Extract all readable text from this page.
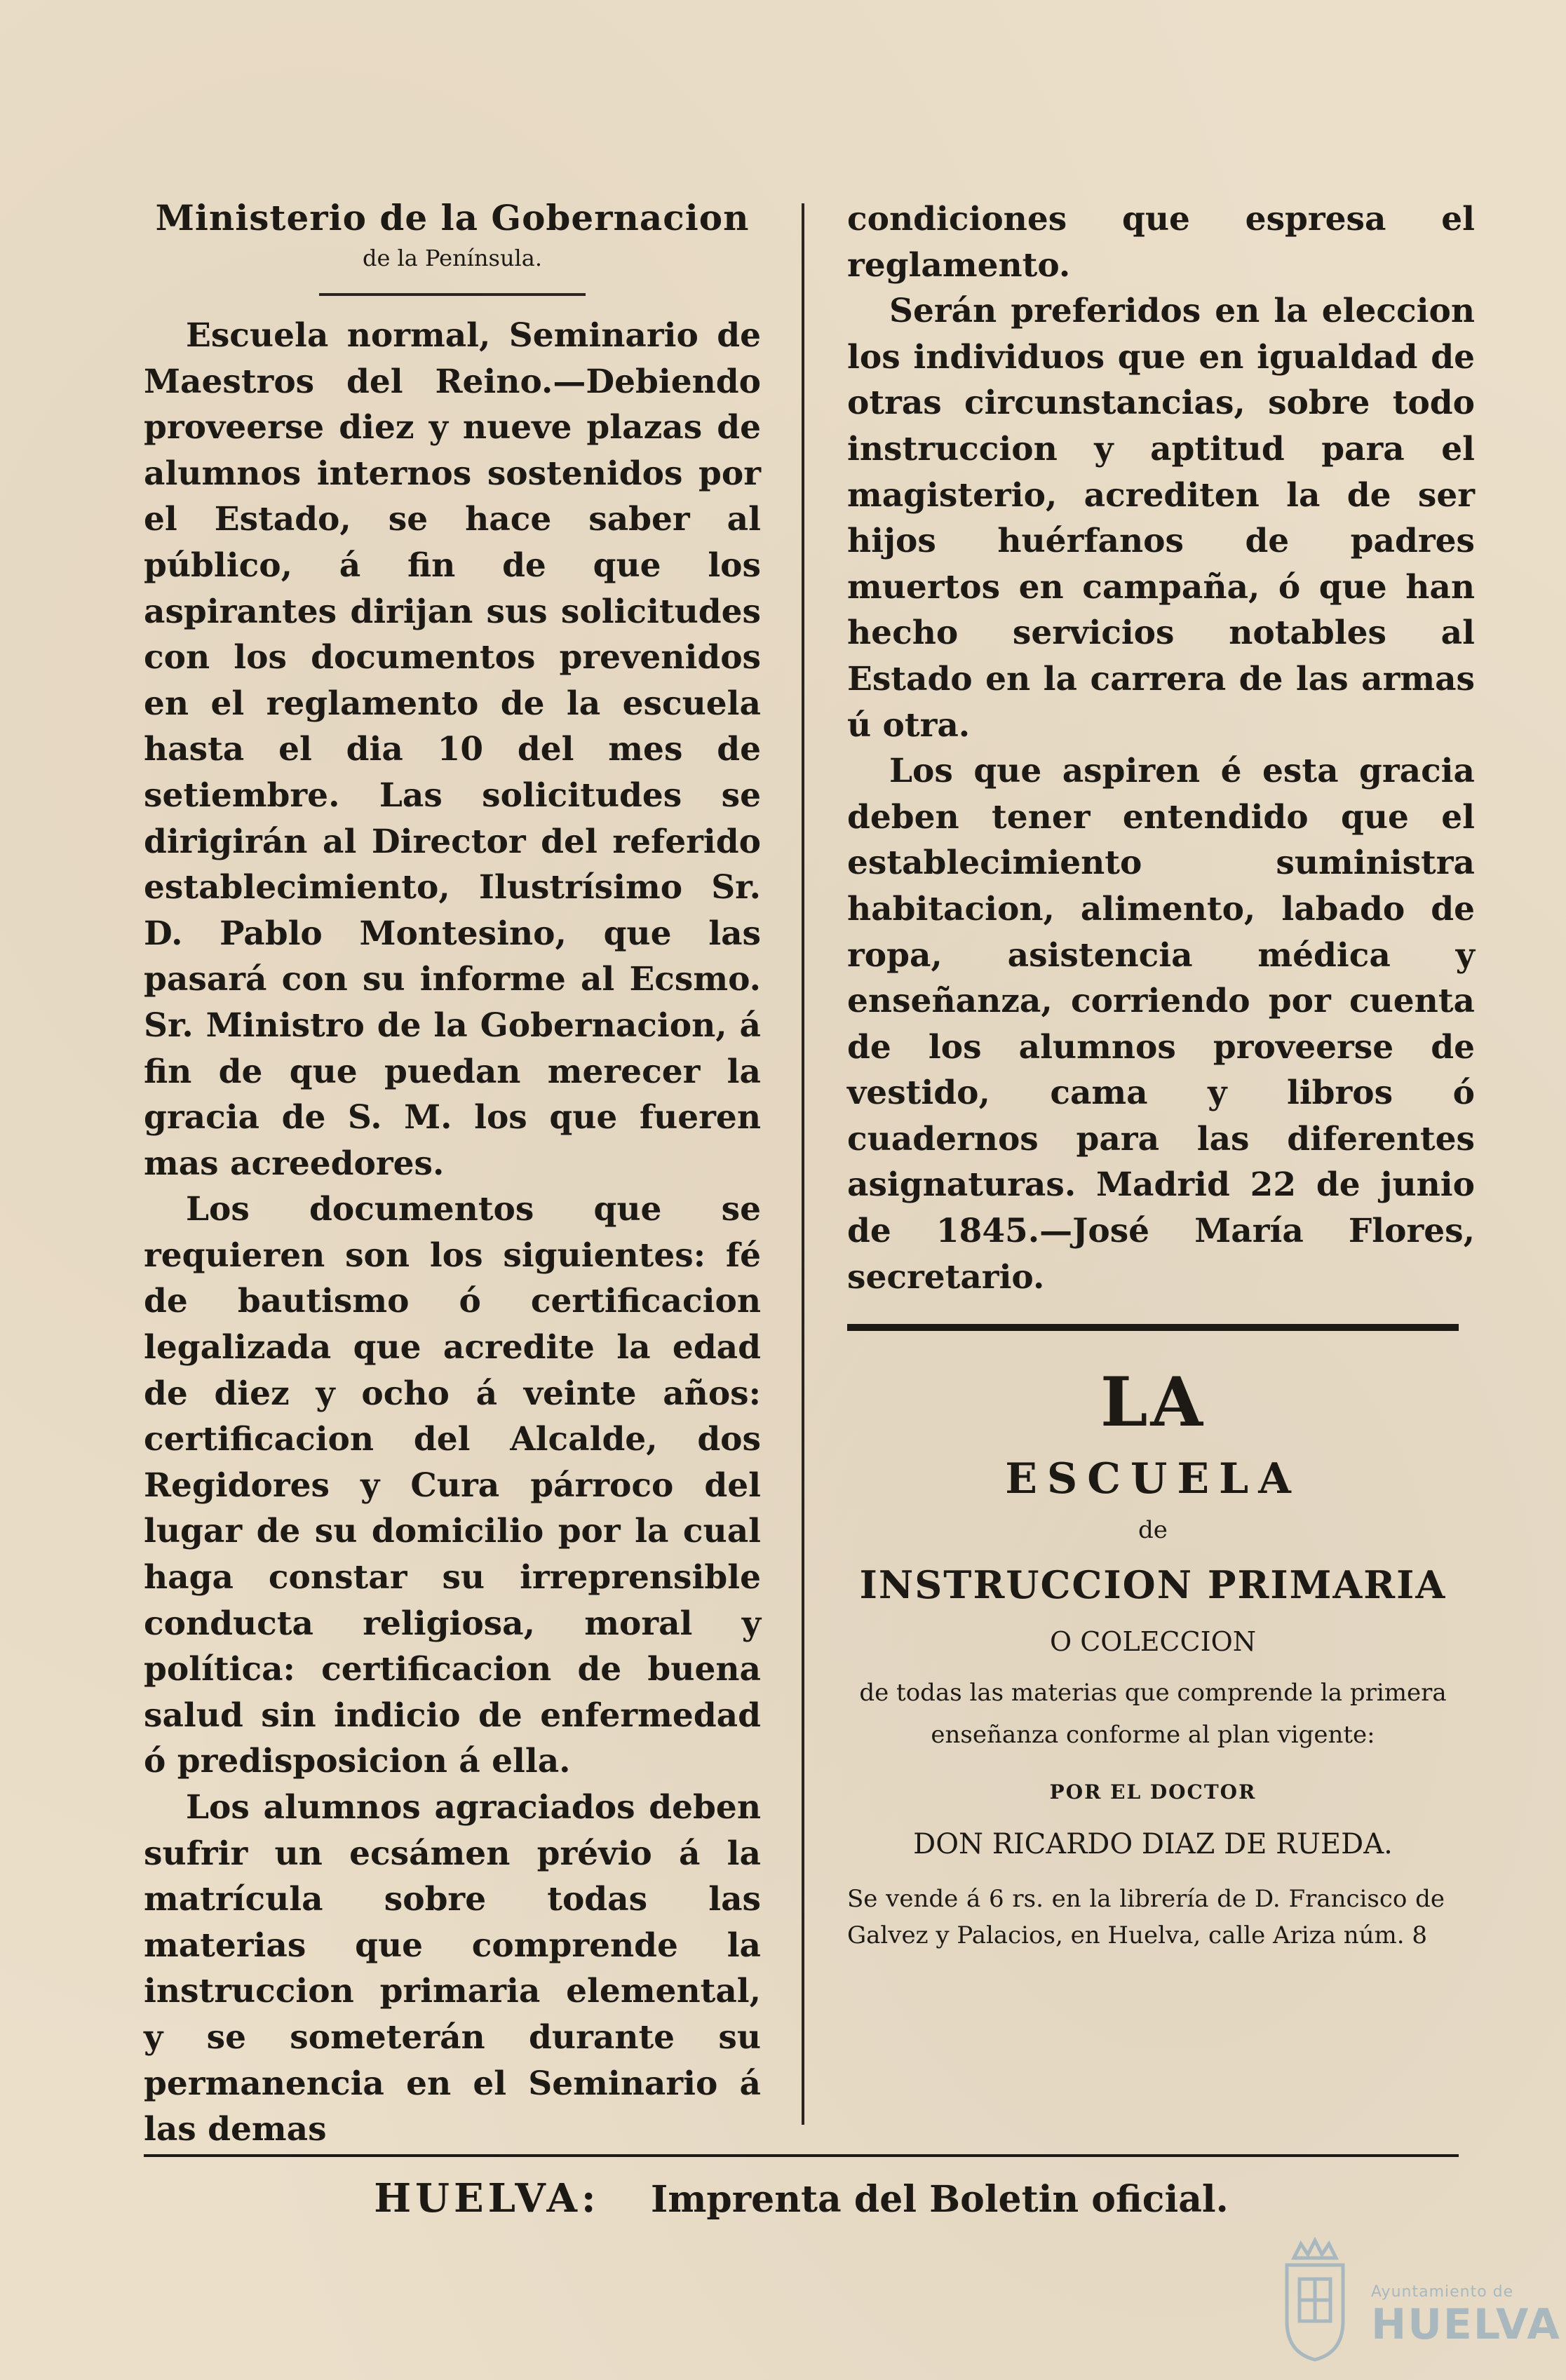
Ministerio de la Gobernacion

de la Península.

Escuela normal, Seminario de Maestros del Reino.—Debiendo proveerse diez y nueve plazas de alumnos internos sostenidos por el Estado, se hace saber al público, á fin de que los aspirantes dirijan sus solicitudes con los documentos prevenidos en el reglamento de la escuela hasta el dia 10 del mes de setiembre. Las solicitudes se dirigirán al Director del referido establecimiento, Ilustrísimo Sr. D. Pablo Montesino, que las pasará con su informe al Ecsmo. Sr. Ministro de la Gobernacion, á fin de que puedan merecer la gracia de S. M. los que fueren mas acreedores.

Los documentos que se requieren son los siguientes: fé de bautismo ó certificacion legalizada que acredite la edad de diez y ocho á veinte años: certificacion del Alcalde, dos Regidores y Cura párroco del lugar de su domicilio por la cual haga constar su irreprensible conducta religiosa, moral y política: certificacion de buena salud sin indicio de enfermedad ó predisposicion á ella.

Los alumnos agraciados deben sufrir un ecsámen prévio á la matrícula sobre todas las materias que comprende la instruccion primaria elemental, y se someterán durante su permanencia en el Seminario á las demas

condiciones que espresa el reglamento.

Serán preferidos en la eleccion los individuos que en igualdad de otras circunstancias, sobre todo instruccion y aptitud para el magisterio, acrediten la de ser hijos huérfanos de padres muertos en campaña, ó que han hecho servicios notables al Estado en la carrera de las armas ú otra.

Los que aspiren é esta gracia deben tener entendido que el establecimiento suministra habitacion, alimento, labado de ropa, asistencia médica y enseñanza, corriendo por cuenta de los alumnos proveerse de vestido, cama y libros ó cuadernos para las diferentes asignaturas. Madrid 22 de junio de 1845.—José María Flores, secretario.

LA

ESCUELA

de

INSTRUCCION PRIMARIA

O COLECCION

de todas las materias que comprende la primera enseñanza conforme al plan vigente:

POR EL DOCTOR

DON RICARDO DIAZ DE RUEDA.

Se vende á 6 rs. en la librería de D. Francisco de Galvez y Palacios, en Huelva, calle Ariza núm. 8

HUELVA: Imprenta del Boletin oficial.
Ayuntamiento de
HUELVA
